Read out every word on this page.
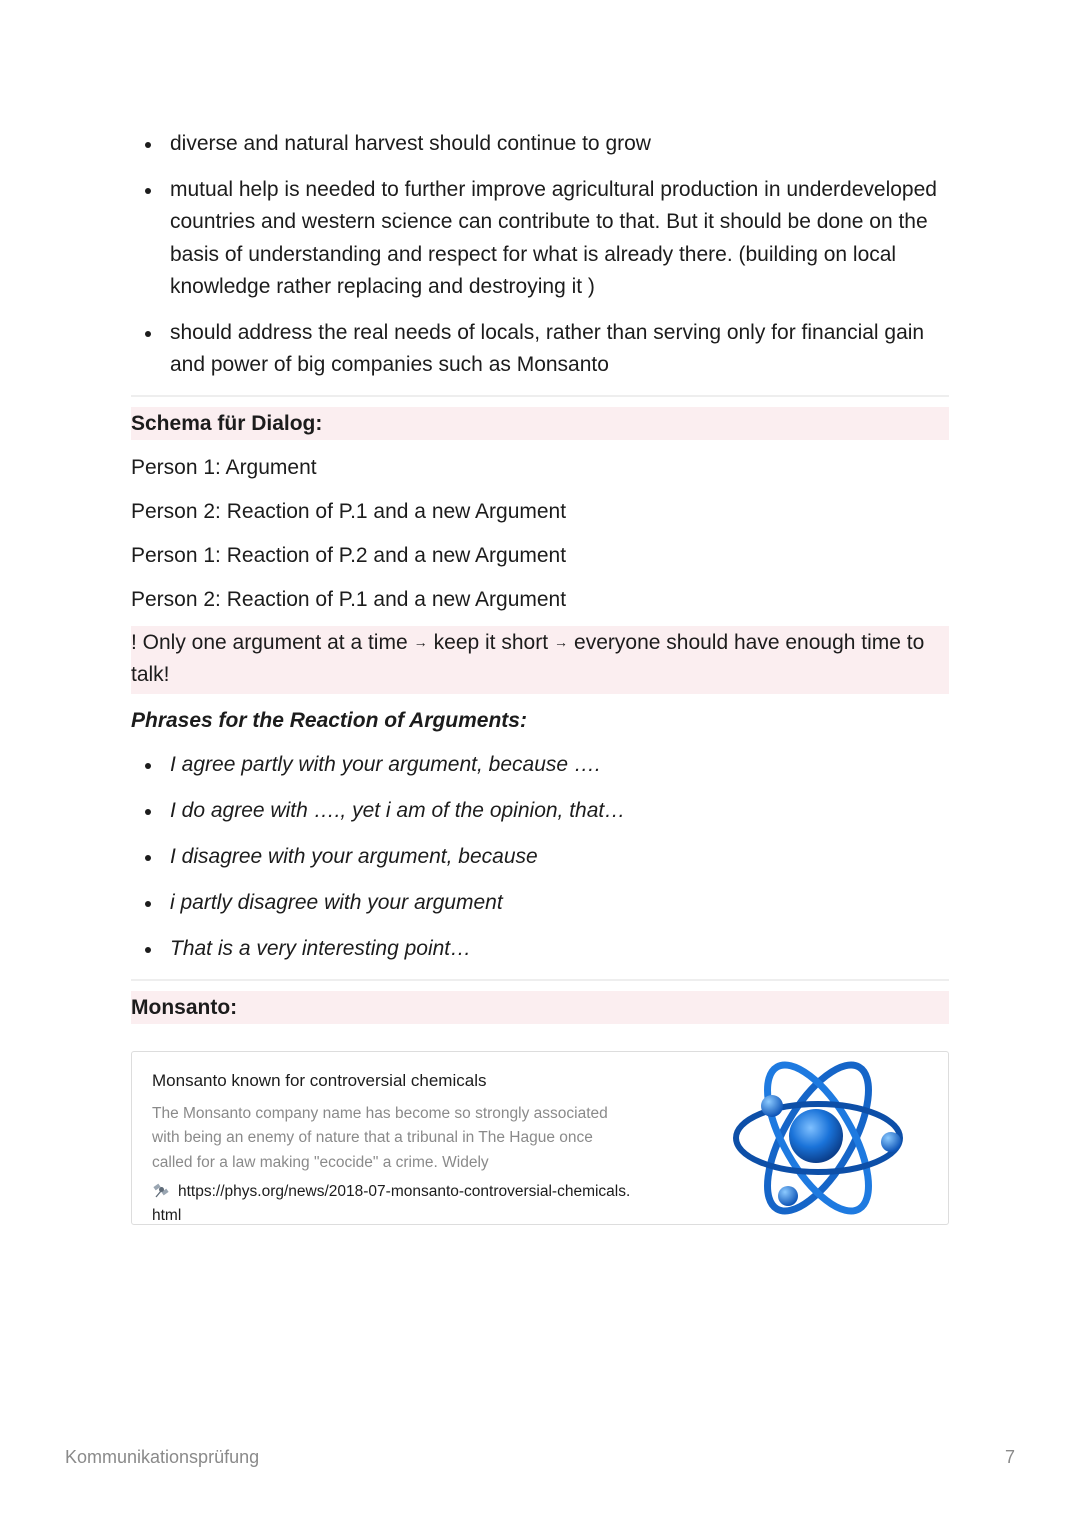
diverse and natural harvest should continue to grow
mutual help is needed to further improve agricultural production in underdeveloped countries and western science can contribute to that. But it should be done on the basis of understanding and respect for what is already there. (building on local knowledge rather replacing and destroying it )
should address the real needs of locals, rather than serving only for financial gain and power of big companies such as Monsanto
Schema für Dialog:
Person 1: Argument
Person 2: Reaction of P.1 and a new Argument
Person 1: Reaction of P.2 and a new Argument
Person 2: Reaction of P.1 and a new Argument
! Only one argument at a time → keep it short → everyone should have enough time to talk!
Phrases for the Reaction of Arguments:
I agree partly with your argument, because ….
I do agree with …., yet i am of the opinion, that…
I disagree with your argument, because
i partly disagree with your argument
That is a very interesting point…
Monsanto:
Monsanto known for controversial chemicals
The Monsanto company name has become so strongly associated with being an enemy of nature that a tribunal in The Hague once called for a law making "ecocide" a crime. Widely
https://phys.org/news/2018-07-monsanto-controversial-chemicals.html
Kommunikationsprüfung	7
